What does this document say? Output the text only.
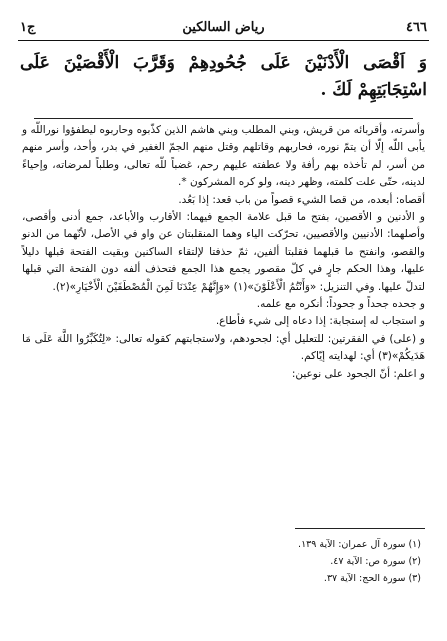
٤٦٦
رياض السالكين
ج١
وَ اَقْصَى الْأَدْنَيْنَ عَلَى جُحُودِهِمْ وَقَرَّبَ الْأَقْصَيْنَ عَلَى اسْتِجَابَتِهِمْ لَكَ .

وأسرته، وأقربائه من قريش، وبني المطلب وبني هاشم الذين كذّبوه وحاربوه ليطفؤوا نوراللّه و يأبى اللّه إلّا أن يتمّ نوره، فحاربهم وقاتلهم وقتل منهم الجمّ الغفير في بدر، وأحد، وأسر منهم من أسر، لم تأخذه بهم رأفة ولا عطفته عليهم رحم، غضباً للّه تعالى، وطلباً لمرضاته، وإحياءً لدينه، حتّى علت كلمته، وظهر دينه، ولو كره المشركون *.

أقصاه: أبعده، من قصا الشيء قصواً من باب قعد: إذا بَعُد.

و الأدنين و الأقصين، بفتح ما قبل علامة الجمع فيهما: الأقارب والأباعد، جمع أدنى وأقصى، وأصلهما: الأدنيين والأقصيين، تحرّكت الياء وهما المنقلبتان عن واو في الأصل، لأنّهما من الدنو والقصو، وانفتح ما قبلهما فقلبتا ألفين، ثمّ حذفتا لإلتقاء الساكنين وبقيت الفتحة قبلها دليلاً عليها، وهذا الحكم جارٍ في كلّ مقصور يجمع هذا الجمع فتحذف ألفه دون الفتحة التي قبلها لتدلّ عليها. وفي التنزيل: «وَأَنْتُمُ الْأَعْلَوْنَ»(١) «وَإِنَّهُمْ عِنْدَنَا لَمِنَ الْمُصْطَفَيْنَ الْأَخْيَارِ»(٢).

و جحده جحداً و جحوداً: أنكره مع علمه.

و استجاب له إستجابة: إذا دعاه إلى شيء فأطاع.

و (على) في الفقرتين: للتعليل أي: لجحودهم، ولاستجابتهم كقوله تعالى: «لِتُكَبِّرُوا اللَّهَ عَلَى مَا هَدَيكُمْ»(٣) أي: لهدايته إيّاكم.

و اعلم: أنّ الجحود على نوعين:

(١) سورة آل عمران: الآية ١٣٩.
(٢) سورة ص: الآية ٤٧.
(٣) سورة الحج: الآية ٣٧.
